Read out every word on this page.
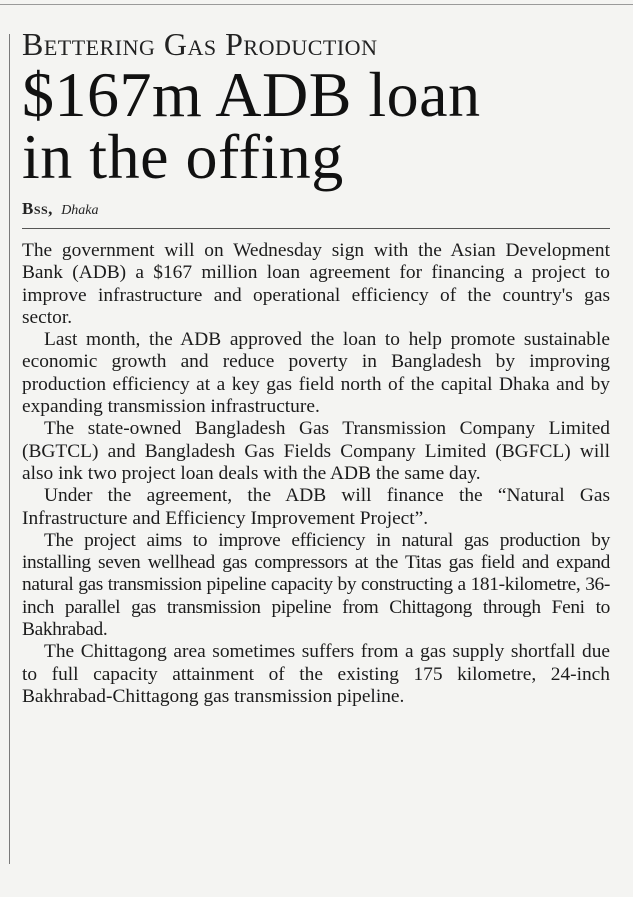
Bettering Gas Production
$167m ADB loan
in the offing
Bss, Dhaka

The government will on Wednesday sign with the Asian Development Bank (ADB) a $167 million loan agreement for financing a project to improve infrastructure and operational efficiency of the country's gas sector.

Last month, the ADB approved the loan to help promote sustainable economic growth and reduce poverty in Bangladesh by improving production efficiency at a key gas field north of the capital Dhaka and by expanding transmission infrastructure.

The state-owned Bangladesh Gas Transmission Company Limited (BGTCL) and Bangladesh Gas Fields Company Limited (BGFCL) will also ink two project loan deals with the ADB the same day.

Under the agreement, the ADB will finance the “Natural Gas Infrastructure and Efficiency Improvement Project”.

The project aims to improve efficiency in natural gas production by installing seven wellhead gas compressors at the Titas gas field and expand natural gas transmission pipeline capacity by constructing a 181-kilometre, 36-inch parallel gas transmission pipeline from Chittagong through Feni to Bakhrabad.

The Chittagong area sometimes suffers from a gas supply shortfall due to full capacity attainment of the existing 175 kilometre, 24-inch Bakhrabad-Chittagong gas transmission pipeline.
